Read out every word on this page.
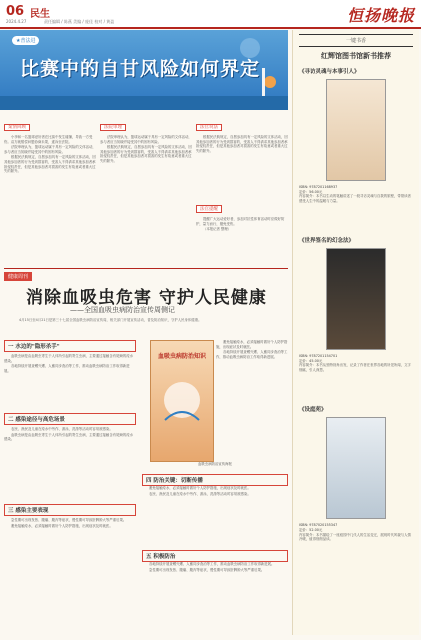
06 民生
2024.4.27	责任编辑 / 陈燕 美编 / 庞佳 校对 / 黄盈	恒扬晚报
★普法进
比赛中的自甘风险如何界定
案情回顾

小李和一名篮球爱好者在比赛中发生碰撞，导致一方受伤。双方就赔偿问题协商未果，遂诉至法院。

法院审理认为，篮球运动属于具有一定风险的文体活动，参与者应当知晓并接受其中的固有风险。

根据民法典规定，自愿参加具有一定风险的文体活动，因其他参加者的行为受到损害的，受害人不得请求其他参加者承担侵权责任，但是其他参加者对损害的发生有故意或者重大过失的除外。

法院审理

法院审理认为，篮球运动属于具有一定风险的文体活动，参与者应当知晓并接受其中的固有风险。

根据民法典规定，自愿参加具有一定风险的文体活动，因其他参加者的行为受到损害的，受害人不得请求其他参加者承担侵权责任，但是其他参加者对损害的发生有故意或者重大过失的除外。

法官说法

根据民法典规定，自愿参加具有一定风险的文体活动，因其他参加者的行为受到损害的，受害人不得请求其他参加者承担侵权责任，但是其他参加者对损害的发生有故意或者重大过失的除外。

法官提醒

提醒广大运动爱好者，参加对抗性体育活动时应做好防护，量力而行，避免受伤。

（本报记者 整理）

健康周刊
消除血吸虫危害 守护人民健康
——全国血吸虫病防治宣传周侧记

4月15日至4月21日是第三十七届全国血吸虫病防治宣传周，相关部门开展宣传活动，普及防治知识，守护人民身体健康。

一 水边的"隐形杀手"

血吸虫病是由血吸虫寄生于人体所引起的寄生虫病，主要通过接触含有尾蚴的疫水感染。

各地持续开展查螺灭螺、人畜同步查治等工作，推动血吸虫病防治工作取得新进展。

二 感染途径与高危场景

农民、渔民及儿童在疫水中劳作、游泳、洗涤等活动时容易被感染。

血吸虫病是由血吸虫寄生于人体所引起的寄生虫病，主要通过接触含有尾蚴的疫水感染。

三 感染主要表现

急性期可出现发热、腹痛、腹泻等症状，慢性期可导致肝脾肿大等严重后果。

避免接触疫水，必须接触时做好个人防护措施，出现症状及时就医。

血吸虫病防治知识

避免接触疫水，必须接触时做好个人防护措施，出现症状及时就医。

各地持续开展查螺灭螺、人畜同步查治等工作，推动血吸虫病防治工作取得新进展。

血吸虫病防治宣传海报
四 防治关键：切断传播

避免接触疫水，必须接触时做好个人防护措施，出现症状及时就医。

农民、渔民及儿童在疫水中劳作、游泳、洗涤等活动时容易被感染。

五 积极防治

各地持续开展查螺灭螺、人畜同步查治等工作，推动血吸虫病防治工作取得新进展。

急性期可出现发热、腹痛、腹泻等症状，慢性期可导致肝脾肿大等严重后果。

一键书香
红辉馆图书馆新书推荐
《寻访灵魂与本事引人》
ISBN: 9787201168937
定价：56.00元
内容简介：本书以生动的笔触讲述了一段寻访灵魂与自我的旅程，带领读者感受人生中的温暖与力量。
《世界签名的幻念法》
ISBN: 9787201154701
定价：45.00元
内容简介：本书从独特视角出发，记录了作者在世界各地的所见所闻，文字细腻，引人深思。
《设庭苑》
ISBN: 9787020155347
定价：52.00元
内容简介：本书描绘了一座庭园中几代人的生活变迁，展现时代风貌与人情冷暖，值得细细品读。
